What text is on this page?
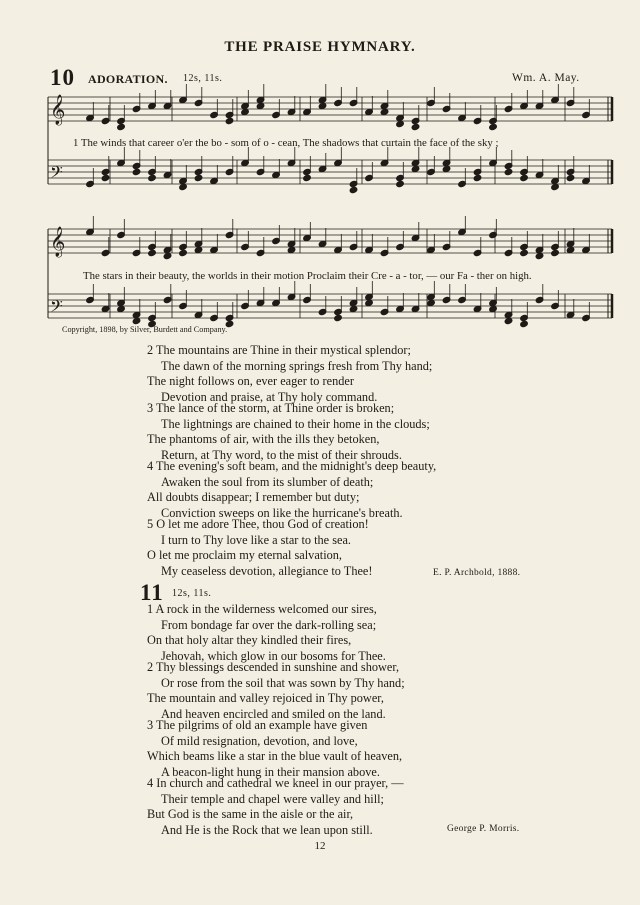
THE PRAISE HYMNARY.
10 ADORATION. 12s, 11s.	Wm. A. May.
𝄞
𝄢
𝄞
𝄢
1 The winds that career o'er the bo - som of o - cean, The shadows that curtain the face of the sky ;
The stars in their beauty, the worlds in their motion Proclaim their Cre - a - tor, — our Fa - ther on high.
Copyright, 1898, by Silver, Burdett and Company.
2 The mountains are Thine in their mystical splendor;
The dawn of the morning springs fresh from Thy hand;
The night follows on, ever eager to render
Devotion and praise, at Thy holy command.
3 The lance of the storm, at Thine order is broken;
The lightnings are chained to their home in the clouds;
The phantoms of air, with the ills they betoken,
Return, at Thy word, to the mist of their shrouds.
4 The evening's soft beam, and the midnight's deep beauty,
Awaken the soul from its slumber of death;
All doubts disappear; I remember but duty;
Conviction sweeps on like the hurricane's breath.
5 O let me adore Thee, thou God of creation!
I turn to Thy love like a star to the sea.
O let me proclaim my eternal salvation,
My ceaseless devotion, allegiance to Thee!	E. P. Archbold, 1888.
11 12s, 11s.
1 A rock in the wilderness welcomed our sires,
From bondage far over the dark-rolling sea;
On that holy altar they kindled their fires,
Jehovah, which glow in our bosoms for Thee.
2 Thy blessings descended in sunshine and shower,
Or rose from the soil that was sown by Thy hand;
The mountain and valley rejoiced in Thy power,
And heaven encircled and smiled on the land.
3 The pilgrims of old an example have given
Of mild resignation, devotion, and love,
Which beams like a star in the blue vault of heaven,
A beacon-light hung in their mansion above.
4 In church and cathedral we kneel in our prayer, —
Their temple and chapel were valley and hill;
But God is the same in the aisle or the air,
And He is the Rock that we lean upon still.	George P. Morris.
12
